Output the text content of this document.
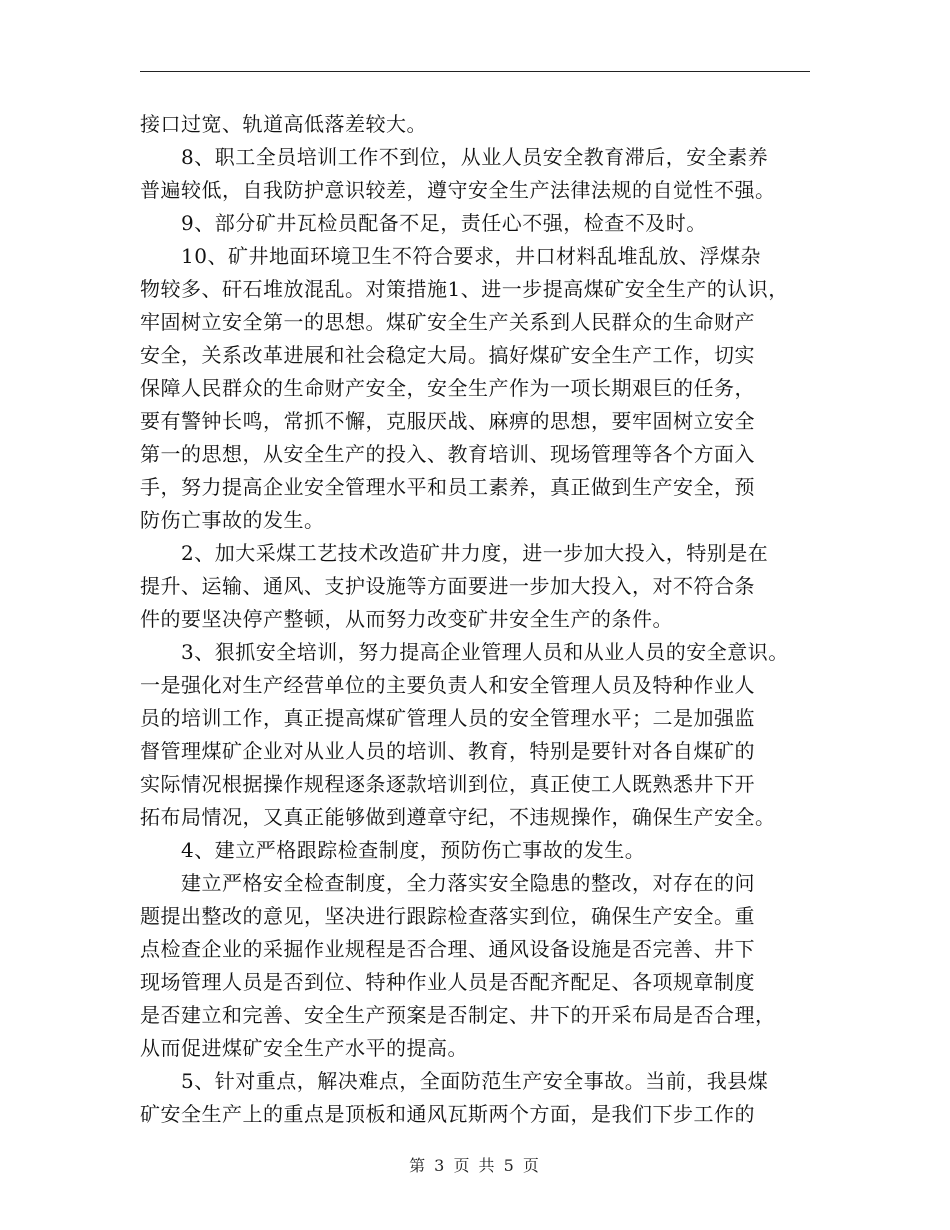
接口过宽、轨道高低落差较大。
　　8、职工全员培训工作不到位，从业人员安全教育滞后，安全素养
普遍较低，自我防护意识较差，遵守安全生产法律法规的自觉性不强。
　　9、部分矿井瓦检员配备不足，责任心不强，检查不及时。
　　10、矿井地面环境卫生不符合要求，井口材料乱堆乱放、浮煤杂
物较多、矸石堆放混乱。对策措施1、进一步提高煤矿安全生产的认识，
牢固树立安全第一的思想。煤矿安全生产关系到人民群众的生命财产
安全，关系改革进展和社会稳定大局。搞好煤矿安全生产工作，切实
保障人民群众的生命财产安全，安全生产作为一项长期艰巨的任务，
要有警钟长鸣，常抓不懈，克服厌战、麻痹的思想，要牢固树立安全
第一的思想，从安全生产的投入、教育培训、现场管理等各个方面入
手，努力提高企业安全管理水平和员工素养，真正做到生产安全，预
防伤亡事故的发生。
　　2、加大采煤工艺技术改造矿井力度，进一步加大投入，特别是在
提升、运输、通风、支护设施等方面要进一步加大投入，对不符合条
件的要坚决停产整顿，从而努力改变矿井安全生产的条件。
　　3、狠抓安全培训，努力提高企业管理人员和从业人员的安全意识。
一是强化对生产经营单位的主要负责人和安全管理人员及特种作业人
员的培训工作，真正提高煤矿管理人员的安全管理水平；二是加强监
督管理煤矿企业对从业人员的培训、教育，特别是要针对各自煤矿的
实际情况根据操作规程逐条逐款培训到位，真正使工人既熟悉井下开
拓布局情况，又真正能够做到遵章守纪，不违规操作，确保生产安全。
　　4、建立严格跟踪检查制度，预防伤亡事故的发生。
　　建立严格安全检查制度，全力落实安全隐患的整改，对存在的问
题提出整改的意见，坚决进行跟踪检查落实到位，确保生产安全。重
点检查企业的采掘作业规程是否合理、通风设备设施是否完善、井下
现场管理人员是否到位、特种作业人员是否配齐配足、各项规章制度
是否建立和完善、安全生产预案是否制定、井下的开采布局是否合理，
从而促进煤矿安全生产水平的提高。
　　5、针对重点，解决难点，全面防范生产安全事故。当前，我县煤
矿安全生产上的重点是顶板和通风瓦斯两个方面，是我们下步工作的
第 3 页 共 5 页
